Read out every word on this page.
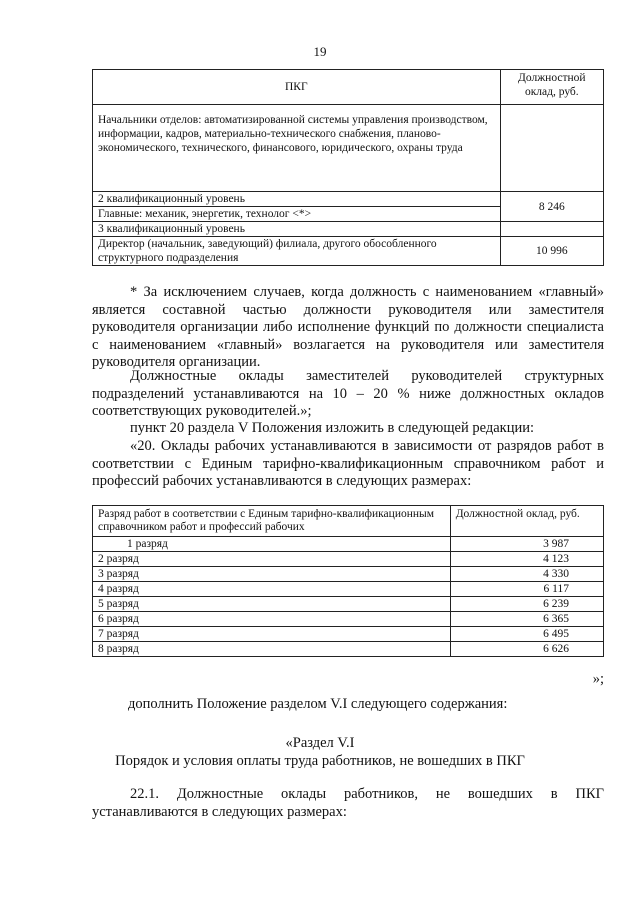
19
ПКГ	Должностной оклад, руб.
Начальники отделов: автоматизированной системы управления производством, информации, кадров, материально-технического снабжения, планово-экономического, технического, финансового, юридического, охраны труда	
2 квалификационный уровень	8 246
Главные: механик, энергетик, технолог <*>	
3 квалификационный уровень	
Директор (начальник, заведующий) филиала, другого обособленного структурного подразделения	10 996

* За исключением случаев, когда должность с наименованием «главный» является составной частью должности руководителя или заместителя руководителя организации либо исполнение функций по должности специалиста с наименованием «главный» возлагается на руководителя или заместителя руководителя организации.

Должностные оклады заместителей руководителей структурных подразделений устанавливаются на 10 – 20 % ниже должностных окладов соответствующих руководителей.»;

пункт 20 раздела V Положения изложить в следующей редакции:

«20. Оклады рабочих устанавливаются в зависимости от разрядов работ в соответствии с Единым тарифно-квалификационным справочником работ и профессий рабочих устанавливаются в следующих размерах:

Разряд работ в соответствии с Единым тарифно-квалификационным справочником работ и профессий рабочих	Должностной оклад, руб.
1 разряд	3 987
2 разряд	4 123
3 разряд	4 330
4 разряд	6 117
5 разряд	6 239
6 разряд	6 365
7 разряд	6 495
8 разряд	6 626
»;
дополнить Положение разделом V.I следующего содержания:
«Раздел V.I
Порядок и условия оплаты труда работников, не вошедших в ПКГ

22.1. Должностные оклады работников, не вошедших в ПКГ устанавливаются в следующих размерах:
